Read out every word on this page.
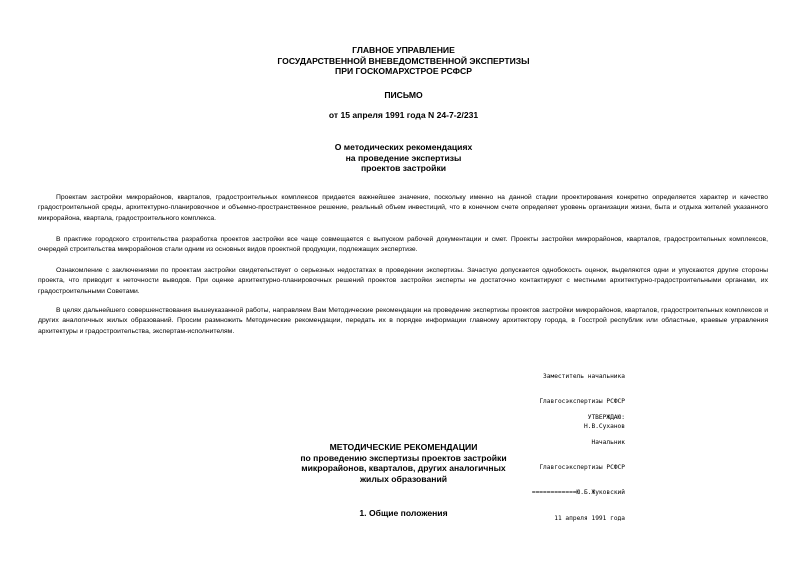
ГЛАВНОЕ УПРАВЛЕНИЕ
ГОСУДАРСТВЕННОЙ ВНЕВЕДОМСТВЕННОЙ ЭКСПЕРТИЗЫ
ПРИ ГОСКОМАРХСТРОЕ РСФСР
ПИСЬМО
от 15 апреля 1991 года N 24-7-2/231
О методических рекомендациях
на проведение экспертизы
проектов застройки

Проектам застройки микрорайонов, кварталов, градостроительных комплексов придается важнейшее значение, поскольку именно на данной стадии проектирования конкретно определяется характер и качество градостроительной среды, архитектурно-планировочное и объемно-пространственное решение, реальный объем инвестиций, что в конечном счете определяет уровень организации жизни, быта и отдыха жителей указанного микрорайона, квартала, градостроительного комплекса.

В практике городского строительства разработка проектов застройки все чаще совмещается с выпуском рабочей документации и смет. Проекты застройки микрорайонов, кварталов, градостроительных комплексов, очередей строительства микрорайонов стали одним из основных видов проектной продукции, подлежащих экспертизе.

Ознакомление с заключениями по проектам застройки свидетельствует о серьезных недостатках в проведении экспертизы. Зачастую допускается однобокость оценок, выделяются одни и упускаются другие стороны проекта, что приводит к неточности выводов. При оценке архитектурно-планировочных решений проектов застройки эксперты не достаточно контактируют с местными архитектурно-градостроительными органами, их градостроительными Советами.

В целях дальнейшего совершенствования вышеуказанной работы, направляем Вам Методические рекомендации на проведение экспертизы проектов застройки микрорайонов, кварталов, градостроительных комплексов и других аналогичных жилых образований. Просим размножить Методические рекомендации, передать их в порядке информации главному архитектору города, в Госстрой республик или областные, краевые управления архитектуры и градостроительства, экспертам-исполнителям.

Заместитель начальника

Главгосэкспертизы РСФСР

Н.В.Суханов

УТВЕРЖДАЮ:

Начальник

Главгосэкспертизы РСФСР

============Ю.Б.Жуковский

11 апреля 1991 года

МЕТОДИЧЕСКИЕ РЕКОМЕНДАЦИИ
по проведению экспертизы проектов застройки
микрорайонов, кварталов, других аналогичных
жилых образований
1. Общие положения
